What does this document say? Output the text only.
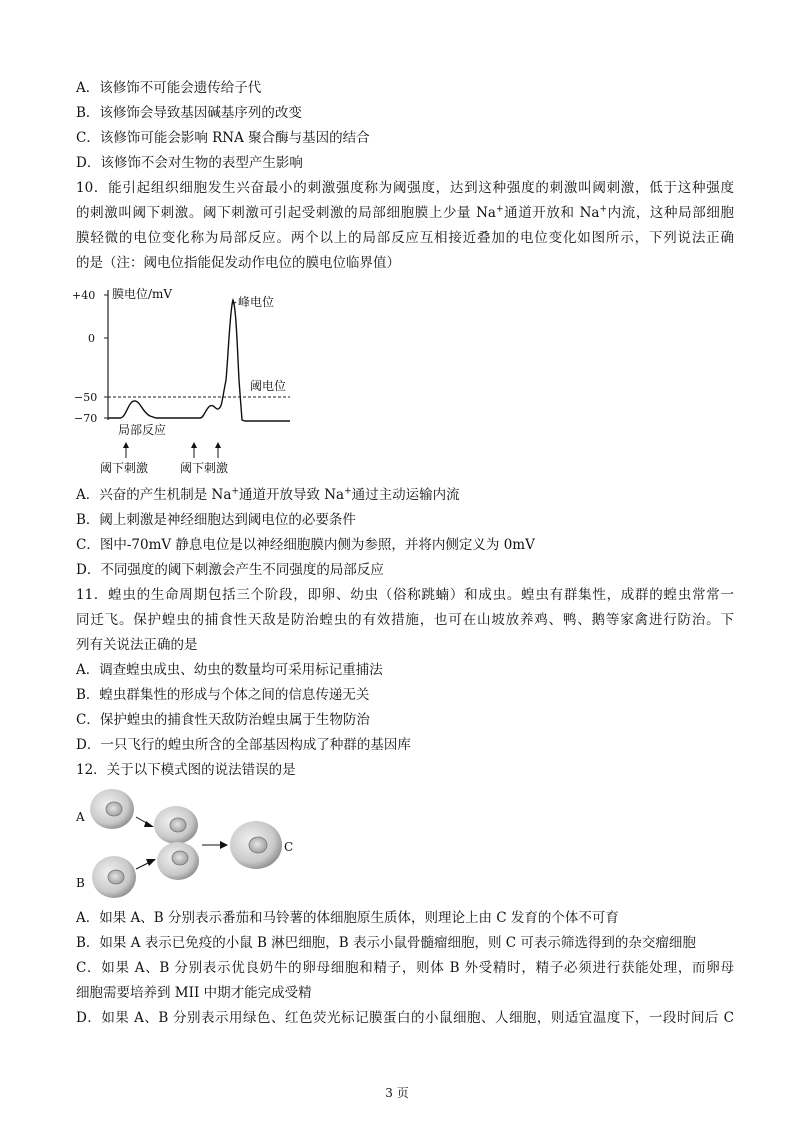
A．该修饰不可能会遗传给子代
B．该修饰会导致基因碱基序列的改变
C．该修饰可能会影响 RNA 聚合酶与基因的结合
D．该修饰不会对生物的表型产生影响
10．能引起组织细胞发生兴奋最小的刺激强度称为阈强度，达到这种强度的刺激叫阈刺激，低于这种强度
的刺激叫阈下刺激。阈下刺激可引起受刺激的局部细胞膜上少量 Na+通道开放和 Na+内流，这种局部细胞
膜轻微的电位变化称为局部反应。两个以上的局部反应互相接近叠加的电位变化如图所示，下列说法正确
的是（注：阈电位指能促发动作电位的膜电位临界值）
+40
0
−50
−70
膜电位/mV
峰电位
阈电位
局部反应
阈下刺激	阈下刺激
A．兴奋的产生机制是 Na+通道开放导致 Na+通过主动运输内流
B．阈上刺激是神经细胞达到阈电位的必要条件
C．图中-70mV 静息电位是以神经细胞膜内侧为参照，并将内侧定义为 0mV
D．不同强度的阈下刺激会产生不同强度的局部反应
11．蝗虫的生命周期包括三个阶段，即卵、幼虫（俗称跳蝻）和成虫。蝗虫有群集性，成群的蝗虫常常一
同迁飞。保护蝗虫的捕食性天敌是防治蝗虫的有效措施，也可在山坡放养鸡、鸭、鹅等家禽进行防治。下
列有关说法正确的是
A．调查蝗虫成虫、幼虫的数量均可采用标记重捕法
B．蝗虫群集性的形成与个体之间的信息传递无关
C．保护蝗虫的捕食性天敌防治蝗虫属于生物防治
D．一只飞行的蝗虫所含的全部基因构成了种群的基因库
12．关于以下模式图的说法错误的是
A
B
C
A．如果 A、B 分别表示番茄和马铃薯的体细胞原生质体，则理论上由 C 发育的个体不可育
B．如果 A 表示已免疫的小鼠 B 淋巴细胞，B 表示小鼠骨髓瘤细胞，则 C 可表示筛选得到的杂交瘤细胞
C．如果 A、B 分别表示优良奶牛的卵母细胞和精子，则体 B 外受精时，精子必须进行获能处理，而卵母
细胞需要培养到 MII 中期才能完成受精
D．如果 A、B 分别表示用绿色、红色荧光标记膜蛋白的小鼠细胞、人细胞，则适宜温度下，一段时间后 C
3 页
